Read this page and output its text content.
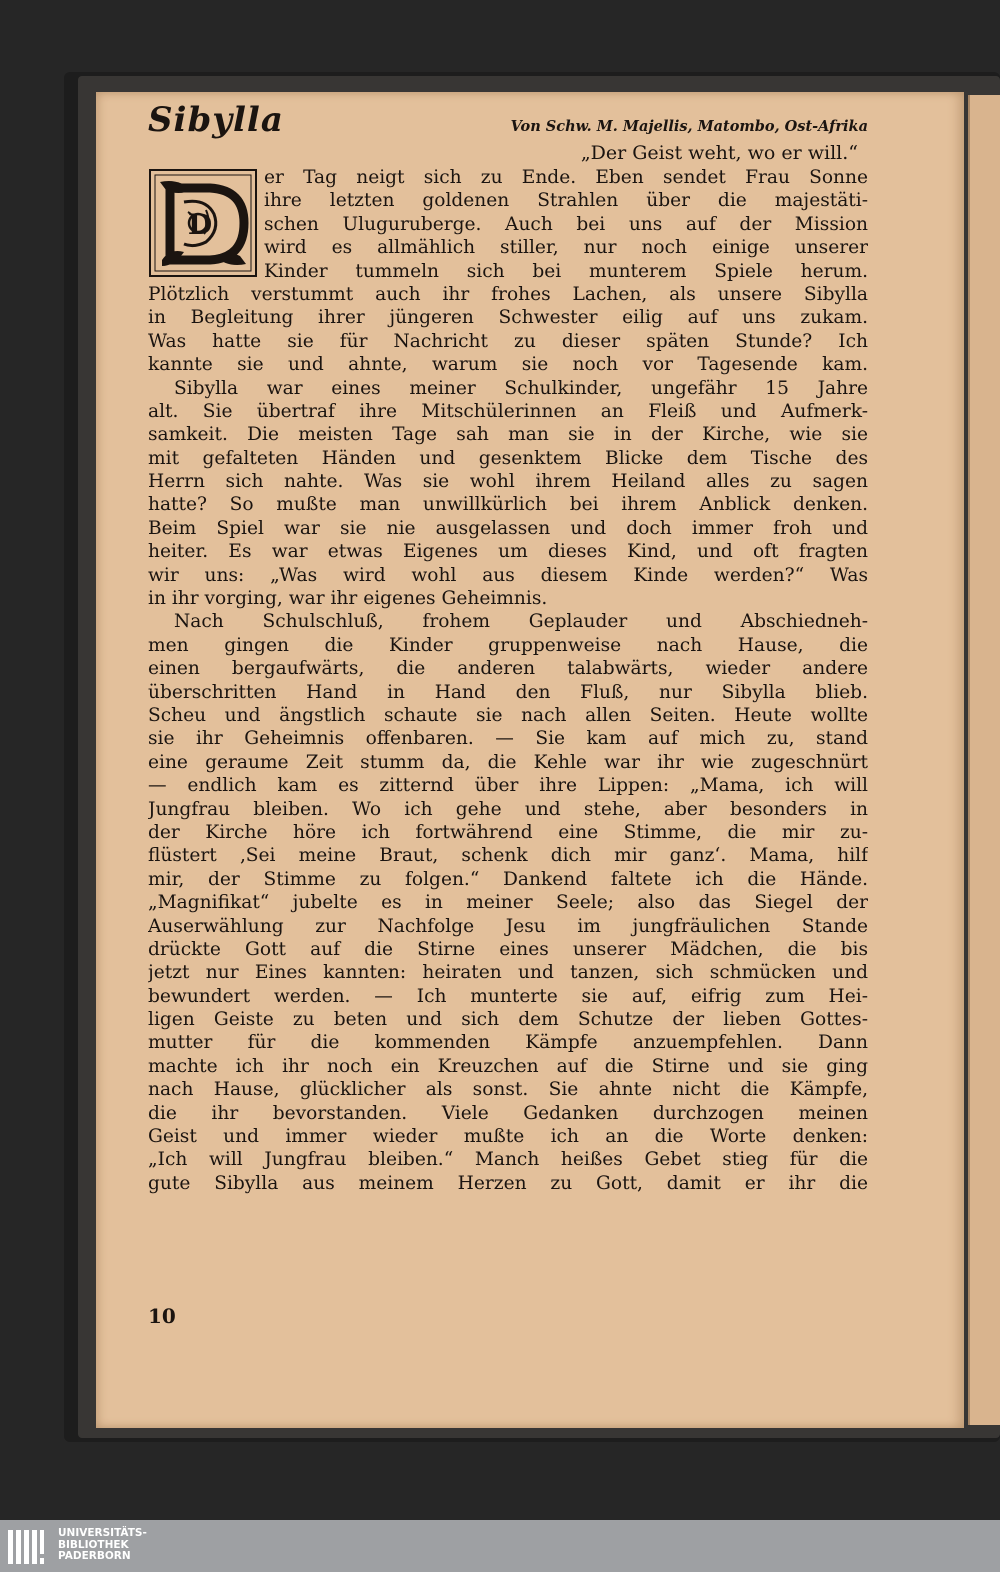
Sibylla	Von Schw. M. Majellis, Matombo, Ost-Afrika
„Der Geist weht, wo er will.“
D
er Tag neigt sich zu Ende. Eben sendet Frau Sonne
ihre letzten goldenen Strahlen über die majestäti-
schen Uluguruberge. Auch bei uns auf der Mission
wird es allmählich stiller, nur noch einige unserer
Kinder tummeln sich bei munterem Spiele herum.
Plötzlich verstummt auch ihr frohes Lachen, als unsere Sibylla
in Begleitung ihrer jüngeren Schwester eilig auf uns zukam.
Was hatte sie für Nachricht zu dieser späten Stunde? Ich
kannte sie und ahnte, warum sie noch vor Tagesende kam.
Sibylla war eines meiner Schulkinder, ungefähr 15 Jahre
alt. Sie übertraf ihre Mitschülerinnen an Fleiß und Aufmerk-
samkeit. Die meisten Tage sah man sie in der Kirche, wie sie
mit gefalteten Händen und gesenktem Blicke dem Tische des
Herrn sich nahte. Was sie wohl ihrem Heiland alles zu sagen
hatte? So mußte man unwillkürlich bei ihrem Anblick denken.
Beim Spiel war sie nie ausgelassen und doch immer froh und
heiter. Es war etwas Eigenes um dieses Kind, und oft fragten
wir uns: „Was wird wohl aus diesem Kinde werden?“ Was
in ihr vorging, war ihr eigenes Geheimnis.
Nach Schulschluß, frohem Geplauder und Abschiedneh-
men gingen die Kinder gruppenweise nach Hause, die
einen bergaufwärts, die anderen talabwärts, wieder andere
überschritten Hand in Hand den Fluß, nur Sibylla blieb.
Scheu und ängstlich schaute sie nach allen Seiten. Heute wollte
sie ihr Geheimnis offenbaren. — Sie kam auf mich zu, stand
eine geraume Zeit stumm da, die Kehle war ihr wie zugeschnürt
— endlich kam es zitternd über ihre Lippen: „Mama, ich will
Jungfrau bleiben. Wo ich gehe und stehe, aber besonders in
der Kirche höre ich fortwährend eine Stimme, die mir zu-
flüstert ‚Sei meine Braut, schenk dich mir ganz‘. Mama, hilf
mir, der Stimme zu folgen.“ Dankend faltete ich die Hände.
„Magnifikat“ jubelte es in meiner Seele; also das Siegel der
Auserwählung zur Nachfolge Jesu im jungfräulichen Stande
drückte Gott auf die Stirne eines unserer Mädchen, die bis
jetzt nur Eines kannten: heiraten und tanzen, sich schmücken und
bewundert werden. — Ich munterte sie auf, eifrig zum Hei-
ligen Geiste zu beten und sich dem Schutze der lieben Gottes-
mutter für die kommenden Kämpfe anzuempfehlen. Dann
machte ich ihr noch ein Kreuzchen auf die Stirne und sie ging
nach Hause, glücklicher als sonst. Sie ahnte nicht die Kämpfe,
die ihr bevorstanden. Viele Gedanken durchzogen meinen
Geist und immer wieder mußte ich an die Worte denken:
„Ich will Jungfrau bleiben.“ Manch heißes Gebet stieg für die
gute Sibylla aus meinem Herzen zu Gott, damit er ihr die
10
UNIVERSITÄTS-
BIBLIOTHEK
PADERBORN
